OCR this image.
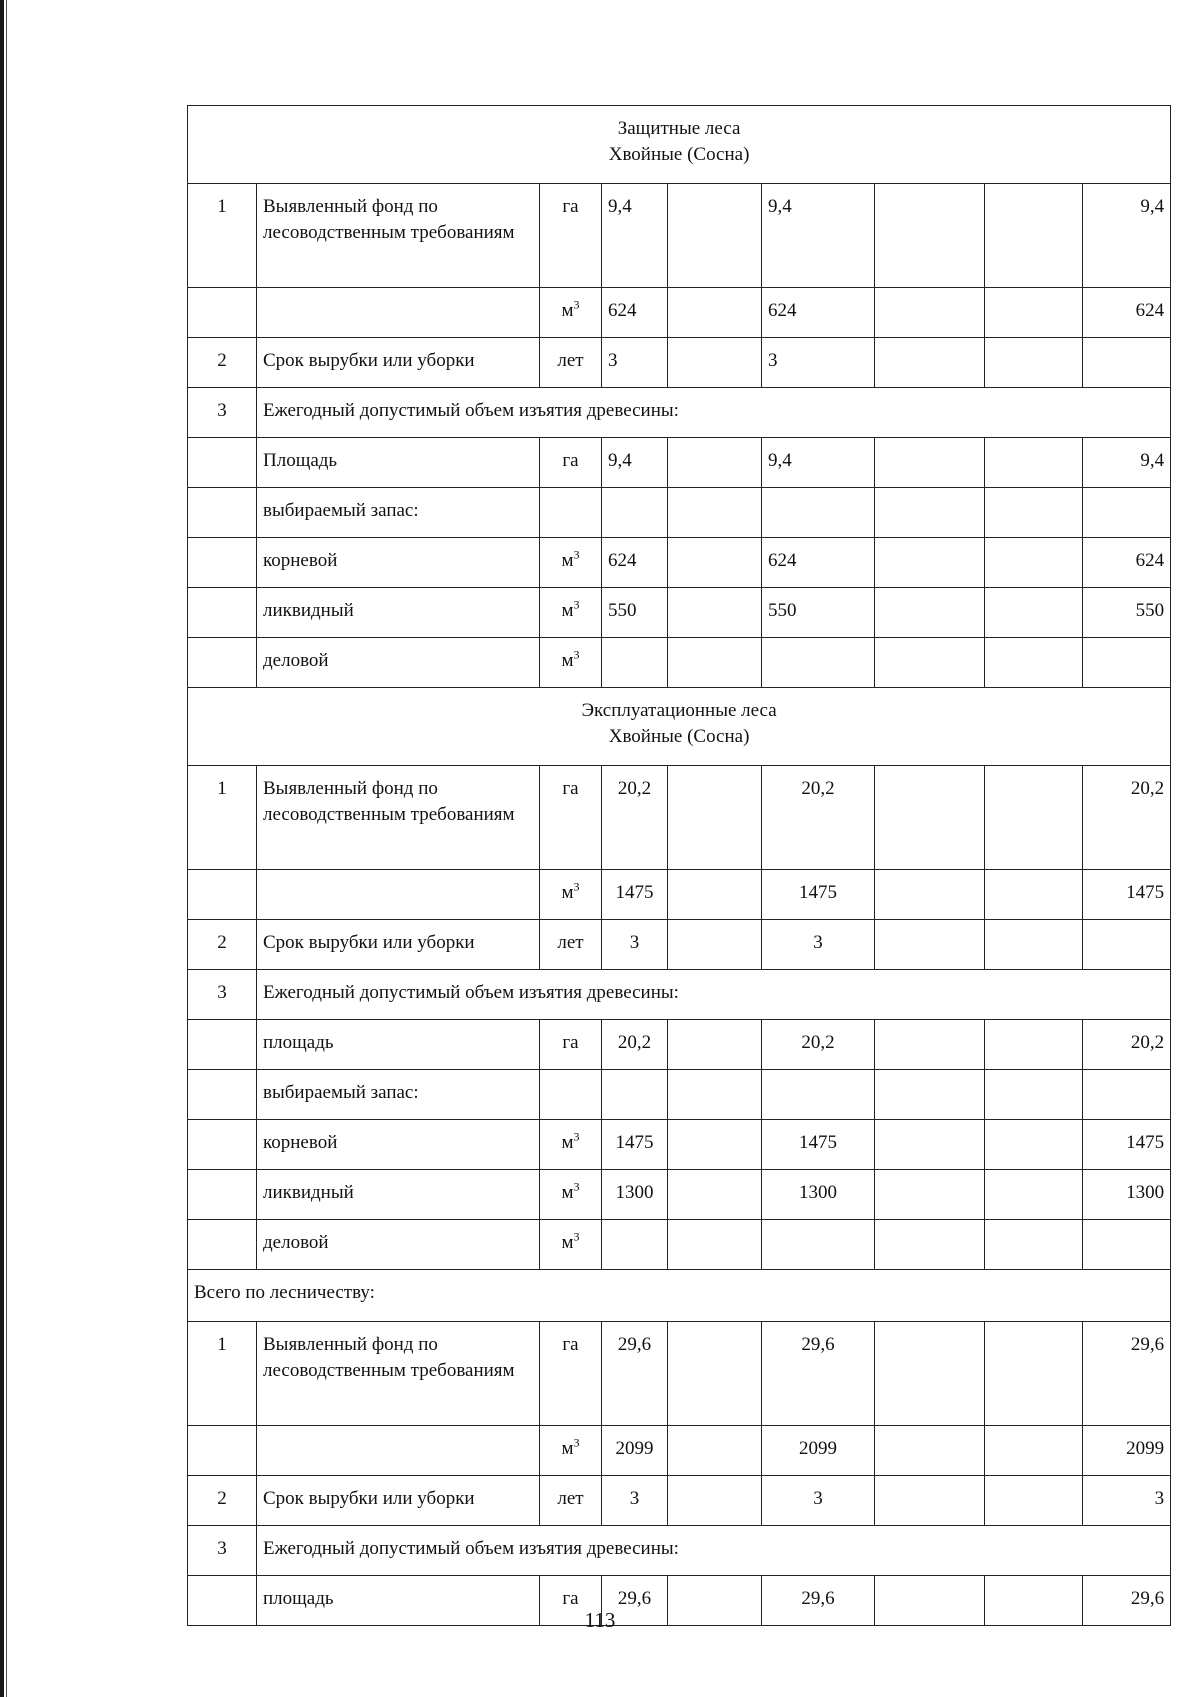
Защитные леса
Хвойные (Сосна)								

1	Выявленный фонд по лесоводственным требованиям	га	9,4		9,4			9,4
		$м^3$	624		624			624
2	Срок вырубки или уборки	лет	3		3			
3	Ежегодный допустимый объем изъятия древесины:							
	Площадь	га	9,4		9,4			9,4
	выбираемый запас:							
	корневой	$м^3$	624		624			624
	ликвидный	$м^3$	550		550			550
	деловой	$м^3$						

Эксплуатационные леса
Хвойные (Сосна)								

1	Выявленный фонд по лесоводственным требованиям	га	20,2		20,2			20,2
		$м^3$	1475		1475			1475
2	Срок вырубки или уборки	лет	3		3			
3	Ежегодный допустимый объем изъятия древесины:							
	площадь	га	20,2		20,2			20,2
	выбираемый запас:							
	корневой	$м^3$	1475		1475			1475
	ликвидный	$м^3$	1300		1300			1300
	деловой	$м^3$						
Всего по лесничеству:								
1	Выявленный фонд по лесоводственным требованиям	га	29,6		29,6			29,6
		$м^3$	2099		2099			2099
2	Срок вырубки или уборки	лет	3		3			3
3	Ежегодный допустимый объем изъятия древесины:							
	площадь	га	29,6		29,6			29,6
113
